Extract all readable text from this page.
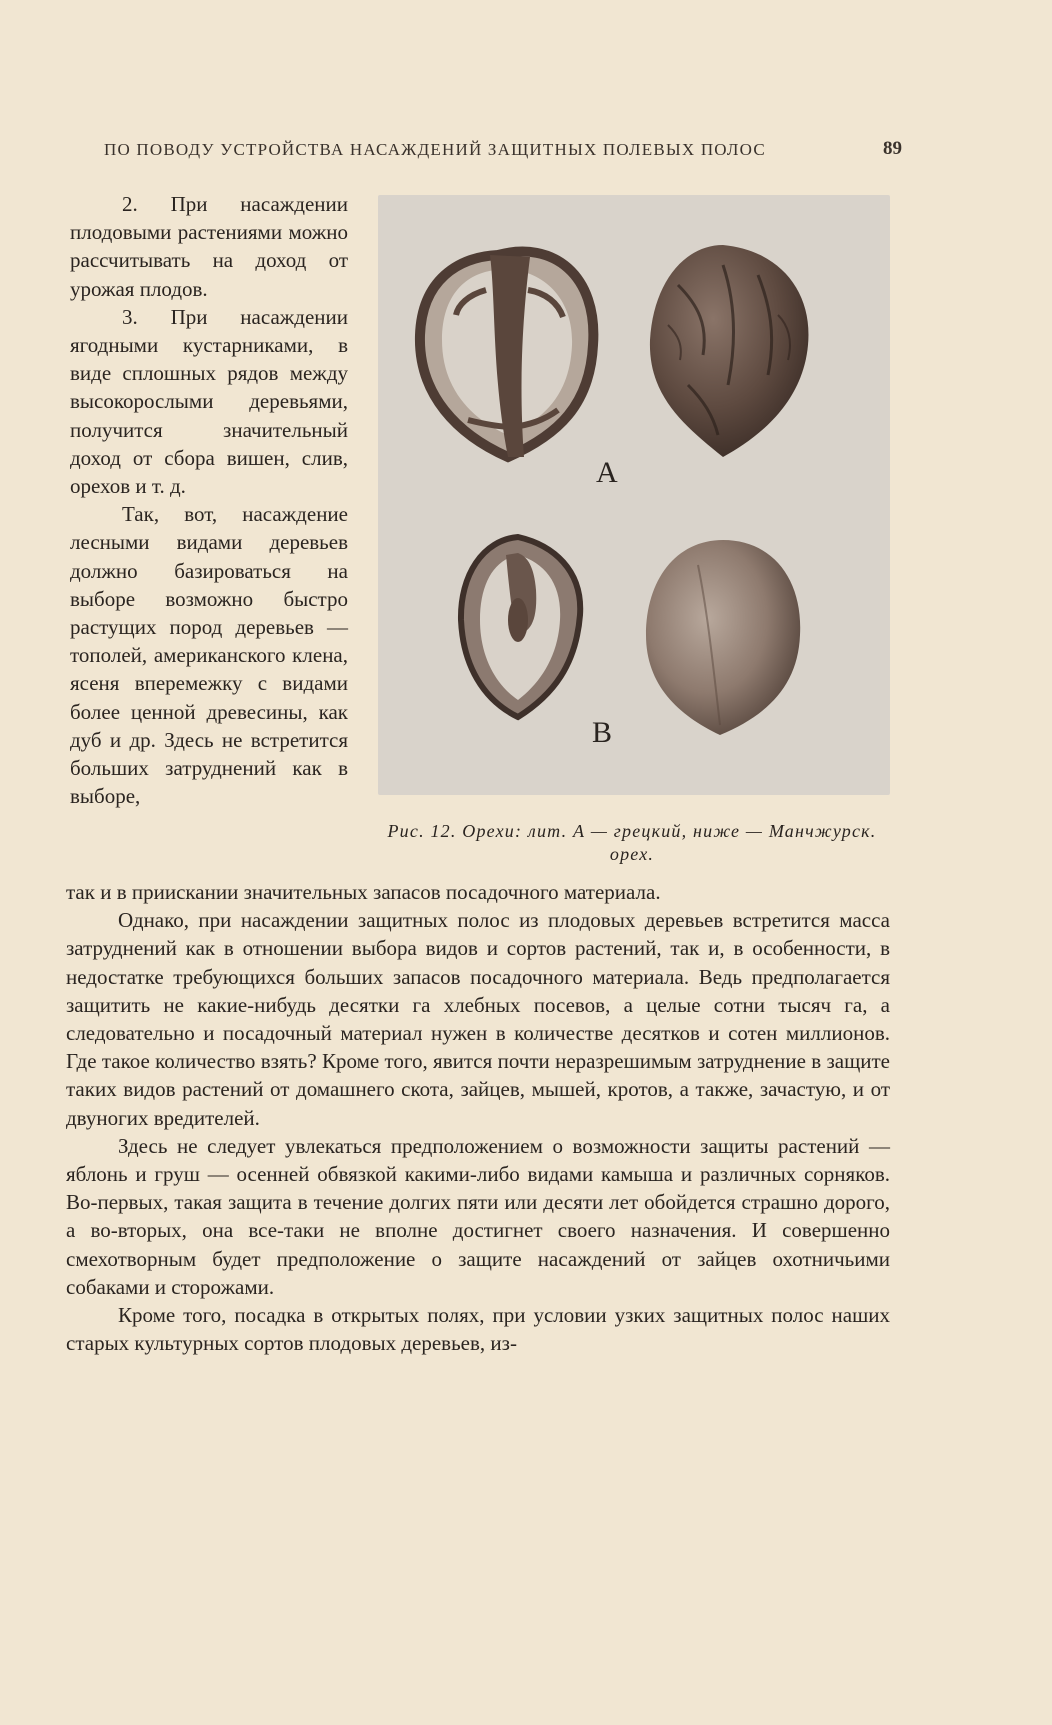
ПО ПОВОДУ УСТРОЙСТВА НАСАЖДЕНИЙ ЗАЩИТНЫХ ПОЛЕВЫХ ПОЛОС	89

2. При насаждении плодовыми растениями можно рассчитывать на доход от урожая плодов.

3. При насаждении ягодными кустарниками, в виде сплошных рядов между высокорослыми деревьями, получится значительный доход от сбора вишен, слив, орехов и т. д.

Так, вот, насаждение лесными видами деревьев должно базироваться на выборе возможно быстро растущих пород деревьев — тополей, американского клена, ясеня вперемежку с видами более ценной древесины, как дуб и др. Здесь не встретится больших затруднений как в выборе,

А
В
Рис. 12. Орехи: лит. А — грецкий, ниже — Манчжурск. орех.

так и в приискании значительных запасов посадочного материала.

Однако, при насаждении защитных полос из плодовых деревьев встретится масса затруднений как в отношении выбора видов и сортов растений, так и, в особенности, в недостатке требующихся больших запасов посадочного материала. Ведь предполагается защитить не какие-нибудь десятки га хлебных посевов, а целые сотни тысяч га, а следовательно и посадочный материал нужен в количестве десятков и сотен миллионов. Где такое количество взять? Кроме того, явится почти неразрешимым затруднение в защите таких видов растений от домашнего скота, зайцев, мышей, кротов, а также, зачастую, и от двуногих вредителей.

Здесь не следует увлекаться предположением о возможности защиты растений — яблонь и груш — осенней обвязкой какими-либо видами камыша и различных сорняков. Во-первых, такая защита в течение долгих пяти или десяти лет обойдется страшно дорого, а во-вторых, она все-таки не вполне достигнет своего назначения. И совершенно смехотворным будет предположение о защите насаждений от зайцев охотничьими собаками и сторожами.

Кроме того, посадка в открытых полях, при условии узких защитных полос наших старых культурных сортов плодовых деревьев, из-
